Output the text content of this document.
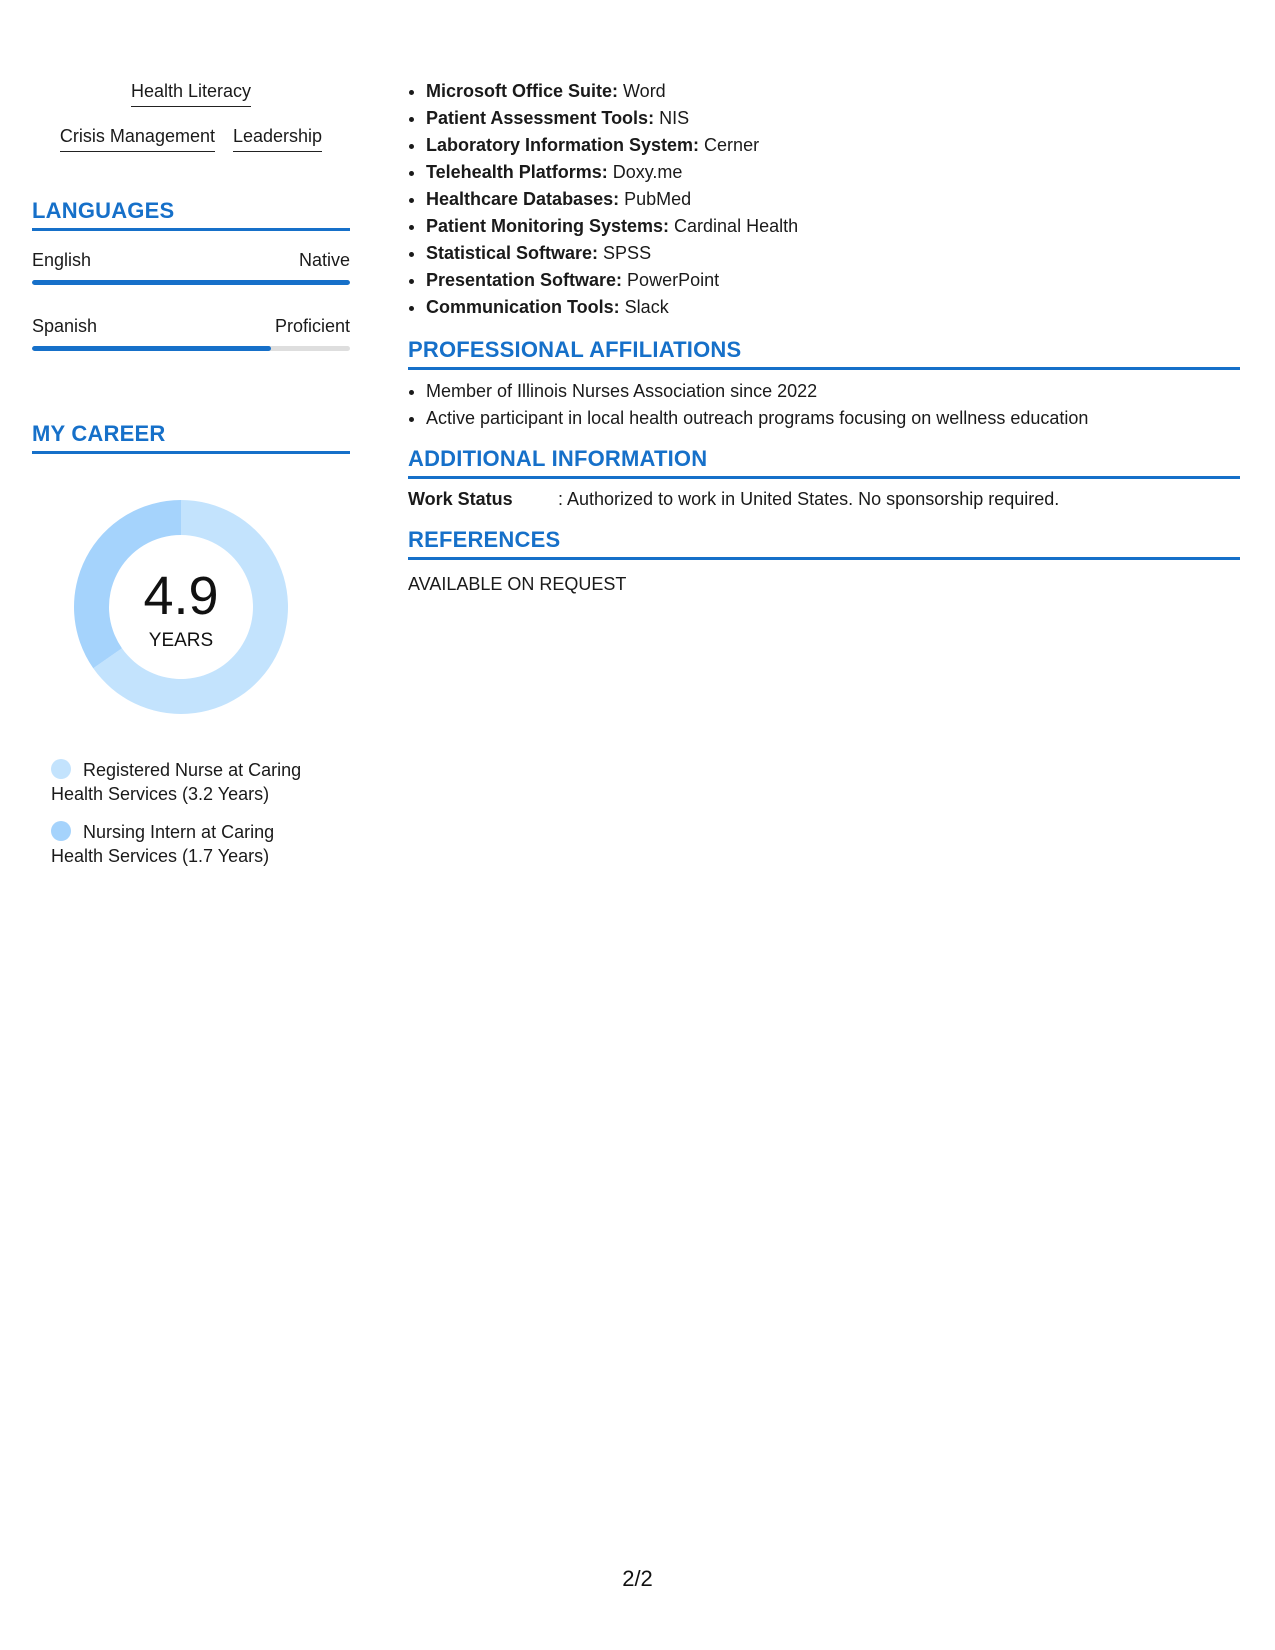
Health Literacy
Crisis Management Leadership
LANGUAGES
English	Native
Spanish	Proficient
MY CAREER
4.9
YEARS
Registered Nurse at Caring Health Services (3.2 Years)
Nursing Intern at Caring Health Services (1.7 Years)
• Microsoft Office Suite: Word
• Patient Assessment Tools: NIS
• Laboratory Information System: Cerner
• Telehealth Platforms: Doxy.me
• Healthcare Databases: PubMed
• Patient Monitoring Systems: Cardinal Health
• Statistical Software: SPSS
• Presentation Software: PowerPoint
• Communication Tools: Slack
PROFESSIONAL AFFILIATIONS
• Member of Illinois Nurses Association since 2022
• Active participant in local health outreach programs focusing on wellness education
ADDITIONAL INFORMATION
Work Status	: Authorized to work in United States. No sponsorship required.
REFERENCES
AVAILABLE ON REQUEST
2/2
